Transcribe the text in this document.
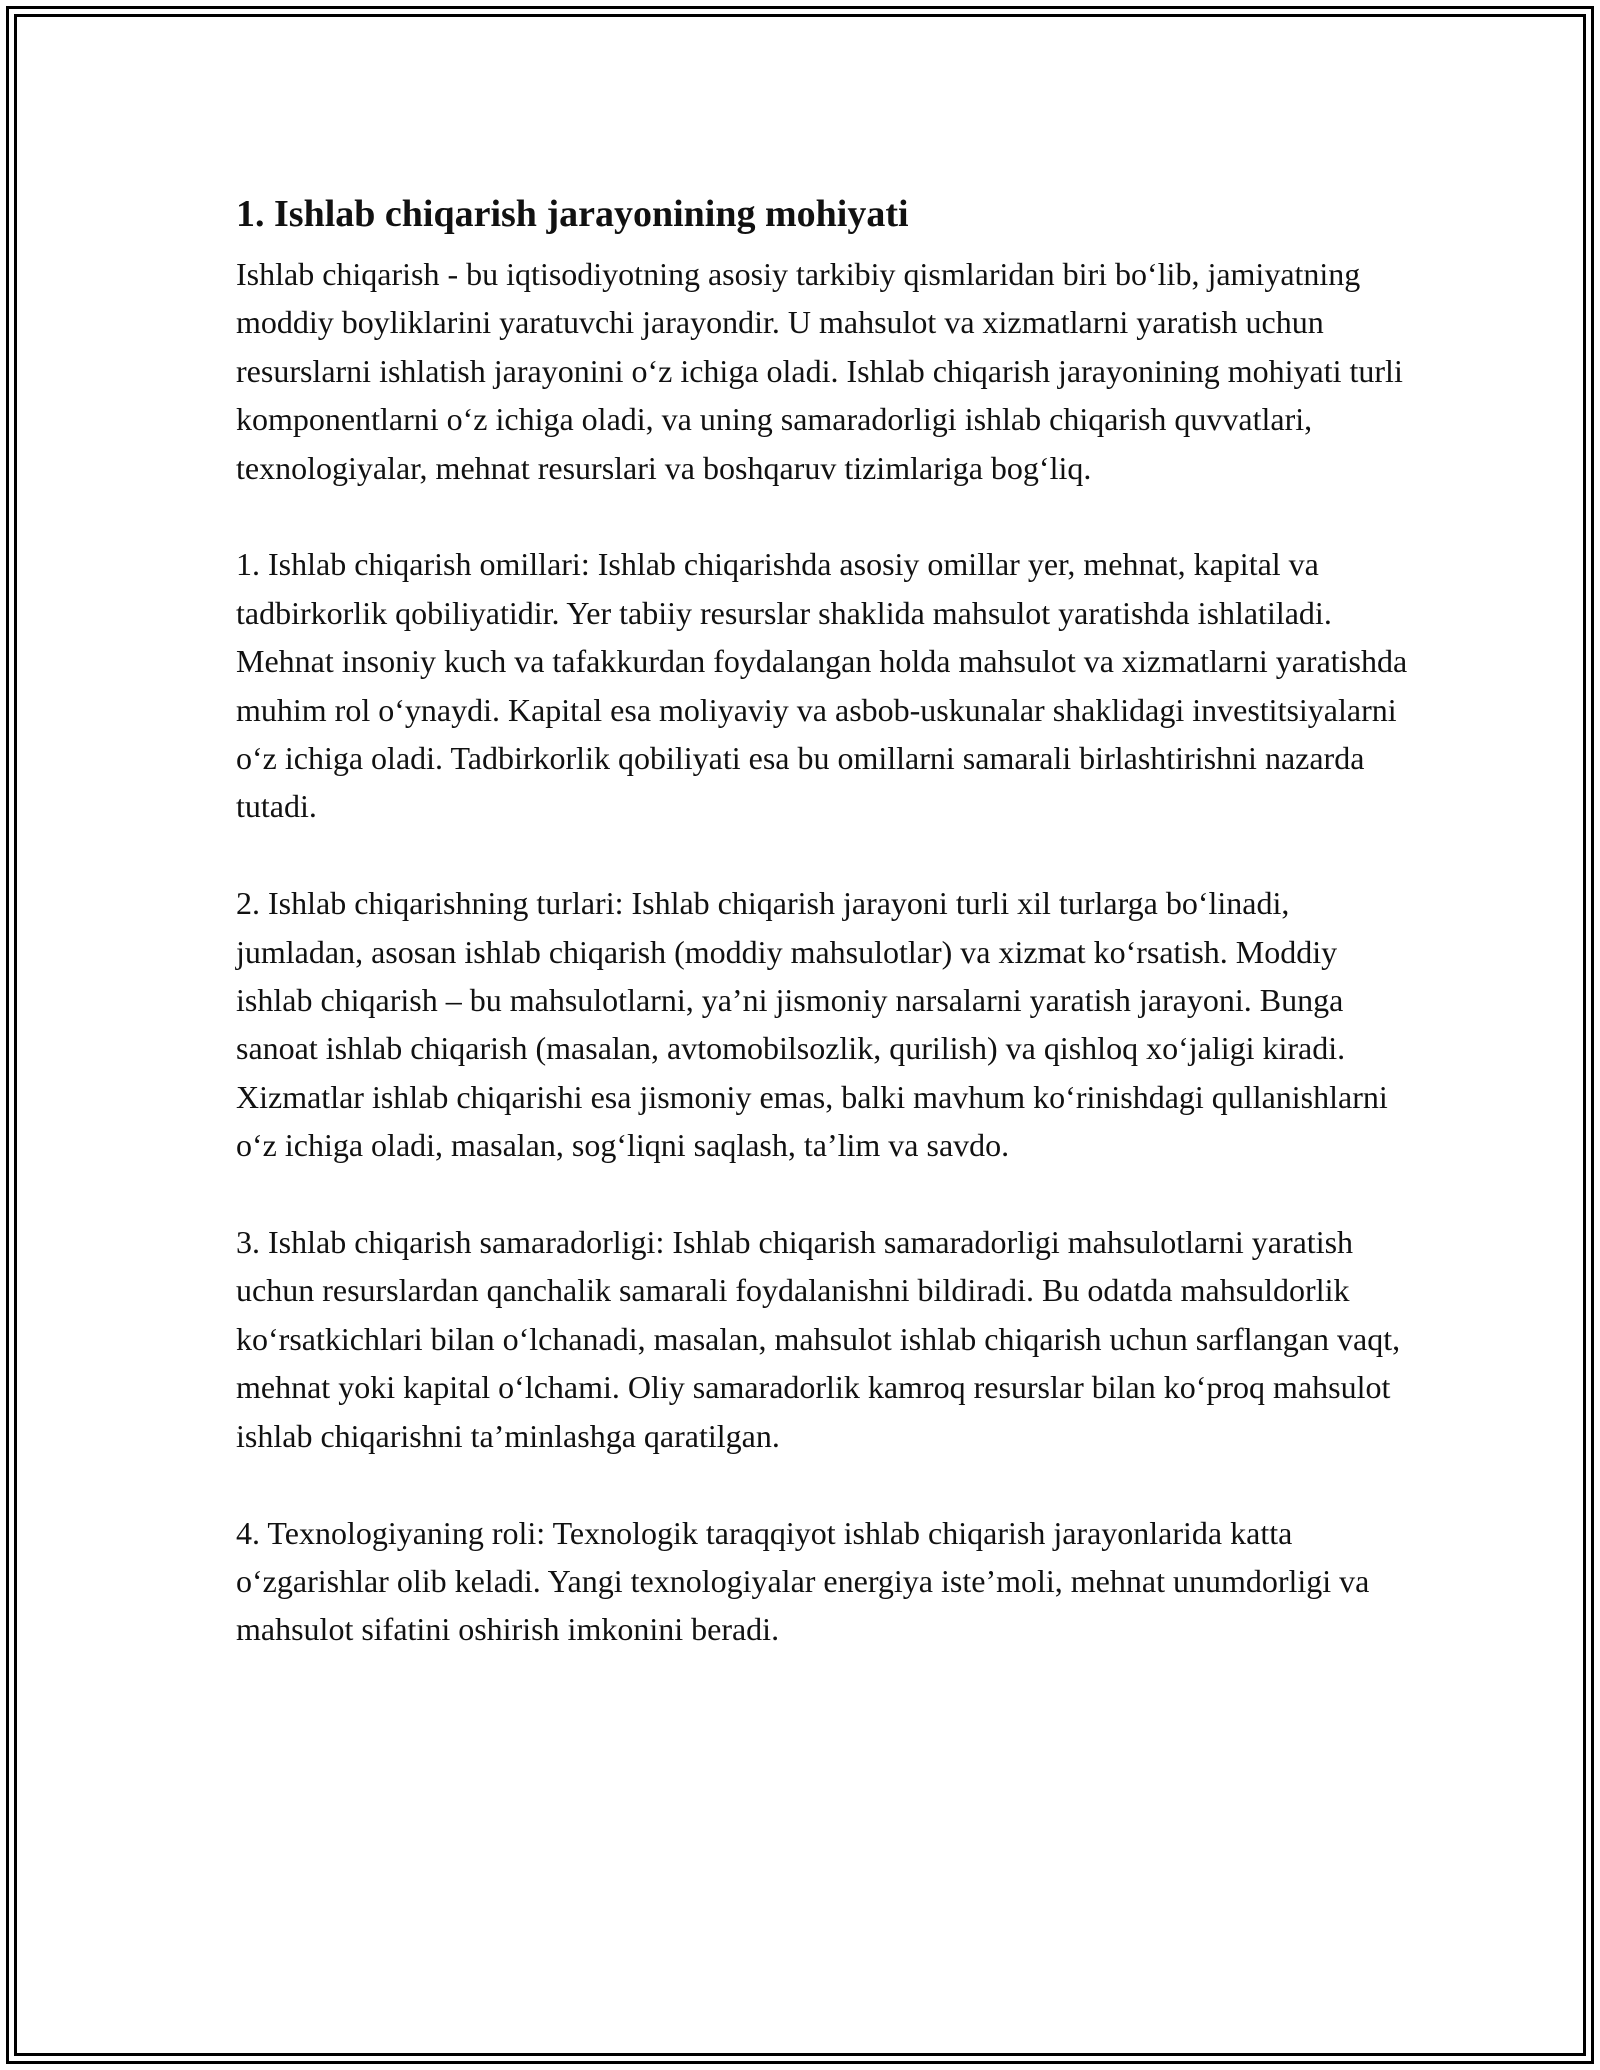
1. Ishlab chiqarish jarayonining mohiyati

Ishlab chiqarish - bu iqtisodiyotning asosiy tarkibiy qismlaridan biri bo‘lib, jamiyatning moddiy boyliklarini yaratuvchi jarayondir. U mahsulot va xizmatlarni yaratish uchun resurslarni ishlatish jarayonini o‘z ichiga oladi. Ishlab chiqarish jarayonining mohiyati turli komponentlarni o‘z ichiga oladi, va uning samaradorligi ishlab chiqarish quvvatlari, texnologiyalar, mehnat resurslari va boshqaruv tizimlariga bog‘liq.

1. Ishlab chiqarish omillari: Ishlab chiqarishda asosiy omillar yer, mehnat, kapital va tadbirkorlik qobiliyatidir. Yer tabiiy resurslar shaklida mahsulot yaratishda ishlatiladi. Mehnat insoniy kuch va tafakkurdan foydalangan holda mahsulot va xizmatlarni yaratishda muhim rol o‘ynaydi. Kapital esa moliyaviy va asbob-uskunalar shaklidagi investitsiyalarni o‘z ichiga oladi. Tadbirkorlik qobiliyati esa bu omillarni samarali birlashtirishni nazarda tutadi.

2. Ishlab chiqarishning turlari: Ishlab chiqarish jarayoni turli xil turlarga bo‘linadi, jumladan, asosan ishlab chiqarish (moddiy mahsulotlar) va xizmat ko‘rsatish. Moddiy ishlab chiqarish – bu mahsulotlarni, ya’ni jismoniy narsalarni yaratish jarayoni. Bunga sanoat ishlab chiqarish (masalan, avtomobilsozlik, qurilish) va qishloq xo‘jaligi kiradi. Xizmatlar ishlab chiqarishi esa jismoniy emas, balki mavhum ko‘rinishdagi qullanishlarni o‘z ichiga oladi, masalan, sog‘liqni saqlash, ta’lim va savdo.

3. Ishlab chiqarish samaradorligi: Ishlab chiqarish samaradorligi mahsulotlarni yaratish uchun resurslardan qanchalik samarali foydalanishni bildiradi. Bu odatda mahsuldorlik ko‘rsatkichlari bilan o‘lchanadi, masalan, mahsulot ishlab chiqarish uchun sarflangan vaqt, mehnat yoki kapital o‘lchami. Oliy samaradorlik kamroq resurslar bilan ko‘proq mahsulot ishlab chiqarishni ta’minlashga qaratilgan.

4. Texnologiyaning roli: Texnologik taraqqiyot ishlab chiqarish jarayonlarida katta o‘zgarishlar olib keladi. Yangi texnologiyalar energiya iste’moli, mehnat unumdorligi va mahsulot sifatini oshirish imkonini beradi.
